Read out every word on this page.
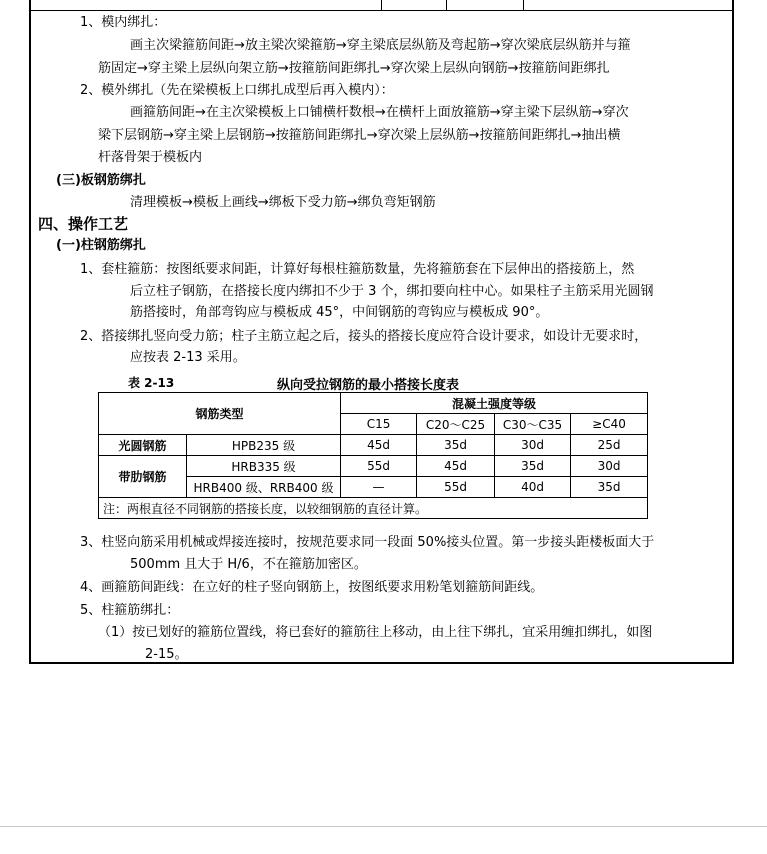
1、模内绑扎：
画主次梁箍筋间距→放主梁次梁箍筋→穿主梁底层纵筋及弯起筋→穿次梁底层纵筋并与箍
筋固定→穿主梁上层纵向架立筋→按箍筋间距绑扎→穿次梁上层纵向钢筋→按箍筋间距绑扎
2、模外绑扎（先在梁模板上口绑扎成型后再入模内）：
画箍筋间距→在主次梁模板上口铺横杆数根→在横杆上面放箍筋→穿主梁下层纵筋→穿次
梁下层钢筋→穿主梁上层钢筋→按箍筋间距绑扎→穿次梁上层纵筋→按箍筋间距绑扎→抽出横
杆落骨架于模板内
(三)板钢筋绑扎
清理模板→模板上画线→绑板下受力筋→绑负弯矩钢筋
四、操作工艺
(一)柱钢筋绑扎
1、套柱箍筋：按图纸要求间距，计算好每根柱箍筋数量，先将箍筋套在下层伸出的搭接筋上，然
后立柱子钢筋，在搭接长度内绑扣不少于 3 个，绑扣要向柱中心。如果柱子主筋采用光圆钢
筋搭接时，角部弯钩应与模板成 45°，中间钢筋的弯钩应与模板成 90°。
2、搭接绑扎竖向受力筋；柱子主筋立起之后，接头的搭接长度应符合设计要求，如设计无要求时，
应按表 2-13 采用。
表 2-13	纵向受拉钢筋的最小搭接长度表
钢筋类型		混凝土强度等级			
		C15	C20～C25	C30～C35	≥C40
光圆钢筋	HPB235 级	45d	35d	30d	25d
带肋钢筋	HRB335 级	55d	45d	35d	30d
	HRB400 级、RRB400 级	—	55d	40d	35d
注：两根直径不同钢筋的搭接长度，以较细钢筋的直径计算。					
3、柱竖向筋采用机械或焊接连接时，按规范要求同一段面 50%接头位置。第一步接头距楼板面大于
500mm 且大于 H/6，不在箍筋加密区。
4、画箍筋间距线：在立好的柱子竖向钢筋上，按图纸要求用粉笔划箍筋间距线。
5、柱箍筋绑扎：
（1）按已划好的箍筋位置线，将已套好的箍筋往上移动，由上往下绑扎，宜采用缠扣绑扎，如图
2-15。
